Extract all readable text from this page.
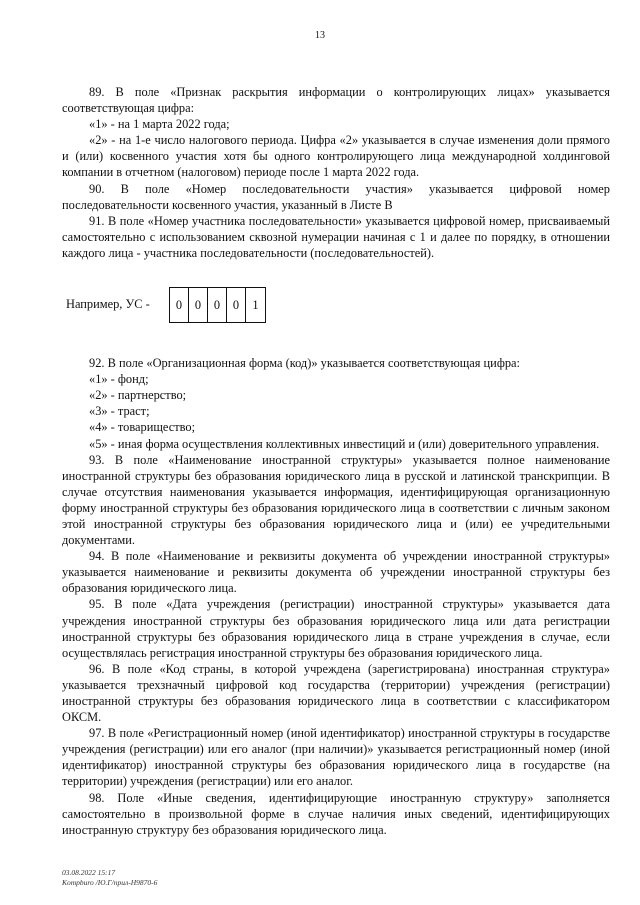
13

89. В поле «Признак раскрытия информации о контролирующих лицах» указывается соответствующая цифра:

«1» - на 1 марта 2022 года;

«2» - на 1-е число налогового периода. Цифра «2» указывается в случае изменения доли прямого и (или) косвенного участия хотя бы одного контролирующего лица международной холдинговой компании в отчетном (налоговом) периоде после 1 марта 2022 года.

90. В поле «Номер последовательности участия» указывается цифровой номер последовательности косвенного участия, указанный в Листе В

91. В поле «Номер участника последовательности» указывается цифровой номер, присваиваемый самостоятельно с использованием сквозной нумерации начиная с 1 и далее по порядку, в отношении каждого лица - участника последовательности (последовательностей).

Например, УС -	0	0	0	0	1

92. В поле «Организационная форма (код)» указывается соответствующая цифра:

«1» - фонд;

«2» - партнерство;

«3» - траст;

«4» - товарищество;

«5» - иная форма осуществления коллективных инвестиций и (или) доверительного управления.

93. В поле «Наименование иностранной структуры» указывается полное наименование иностранной структуры без образования юридического лица в русской и латинской транскрипции. В случае отсутствия наименования указывается информация, идентифицирующая организационную форму иностранной структуры без образования юридического лица в соответствии с личным законом этой иностранной структуры без образования юридического лица и (или) ее учредительными документами.

94. В поле «Наименование и реквизиты документа об учреждении иностранной структуры» указывается наименование и реквизиты документа об учреждении иностранной структуры без образования юридического лица.

95. В поле «Дата учреждения (регистрации) иностранной структуры» указывается дата учреждения иностранной структуры без образования юридического лица или дата регистрации иностранной структуры без образования юридического лица в стране учреждения в случае, если осуществлялась регистрация иностранной структуры без образования юридического лица.

96. В поле «Код страны, в которой учреждена (зарегистрирована) иностранная структура» указывается трехзначный цифровой код государства (территории) учреждения (регистрации) иностранной структуры без образования юридического лица в соответствии с классификатором ОКСМ.

97. В поле «Регистрационный номер (иной идентификатор) иностранной структуры в государстве учреждения (регистрации) или его аналог (при наличии)» указывается регистрационный номер (иной идентификатор) иностранной структуры без образования юридического лица в государстве (на территории) учреждения (регистрации) или его аналог.

98. Поле «Иные сведения, идентифицирующие иностранную структуру» заполняется самостоятельно в произвольной форме в случае наличия иных сведений, идентифицирующих иностранную структуру без образования юридического лица.

03.08.2022 15:17
Kompburo /Ю.Г/прил-Н9870-6
